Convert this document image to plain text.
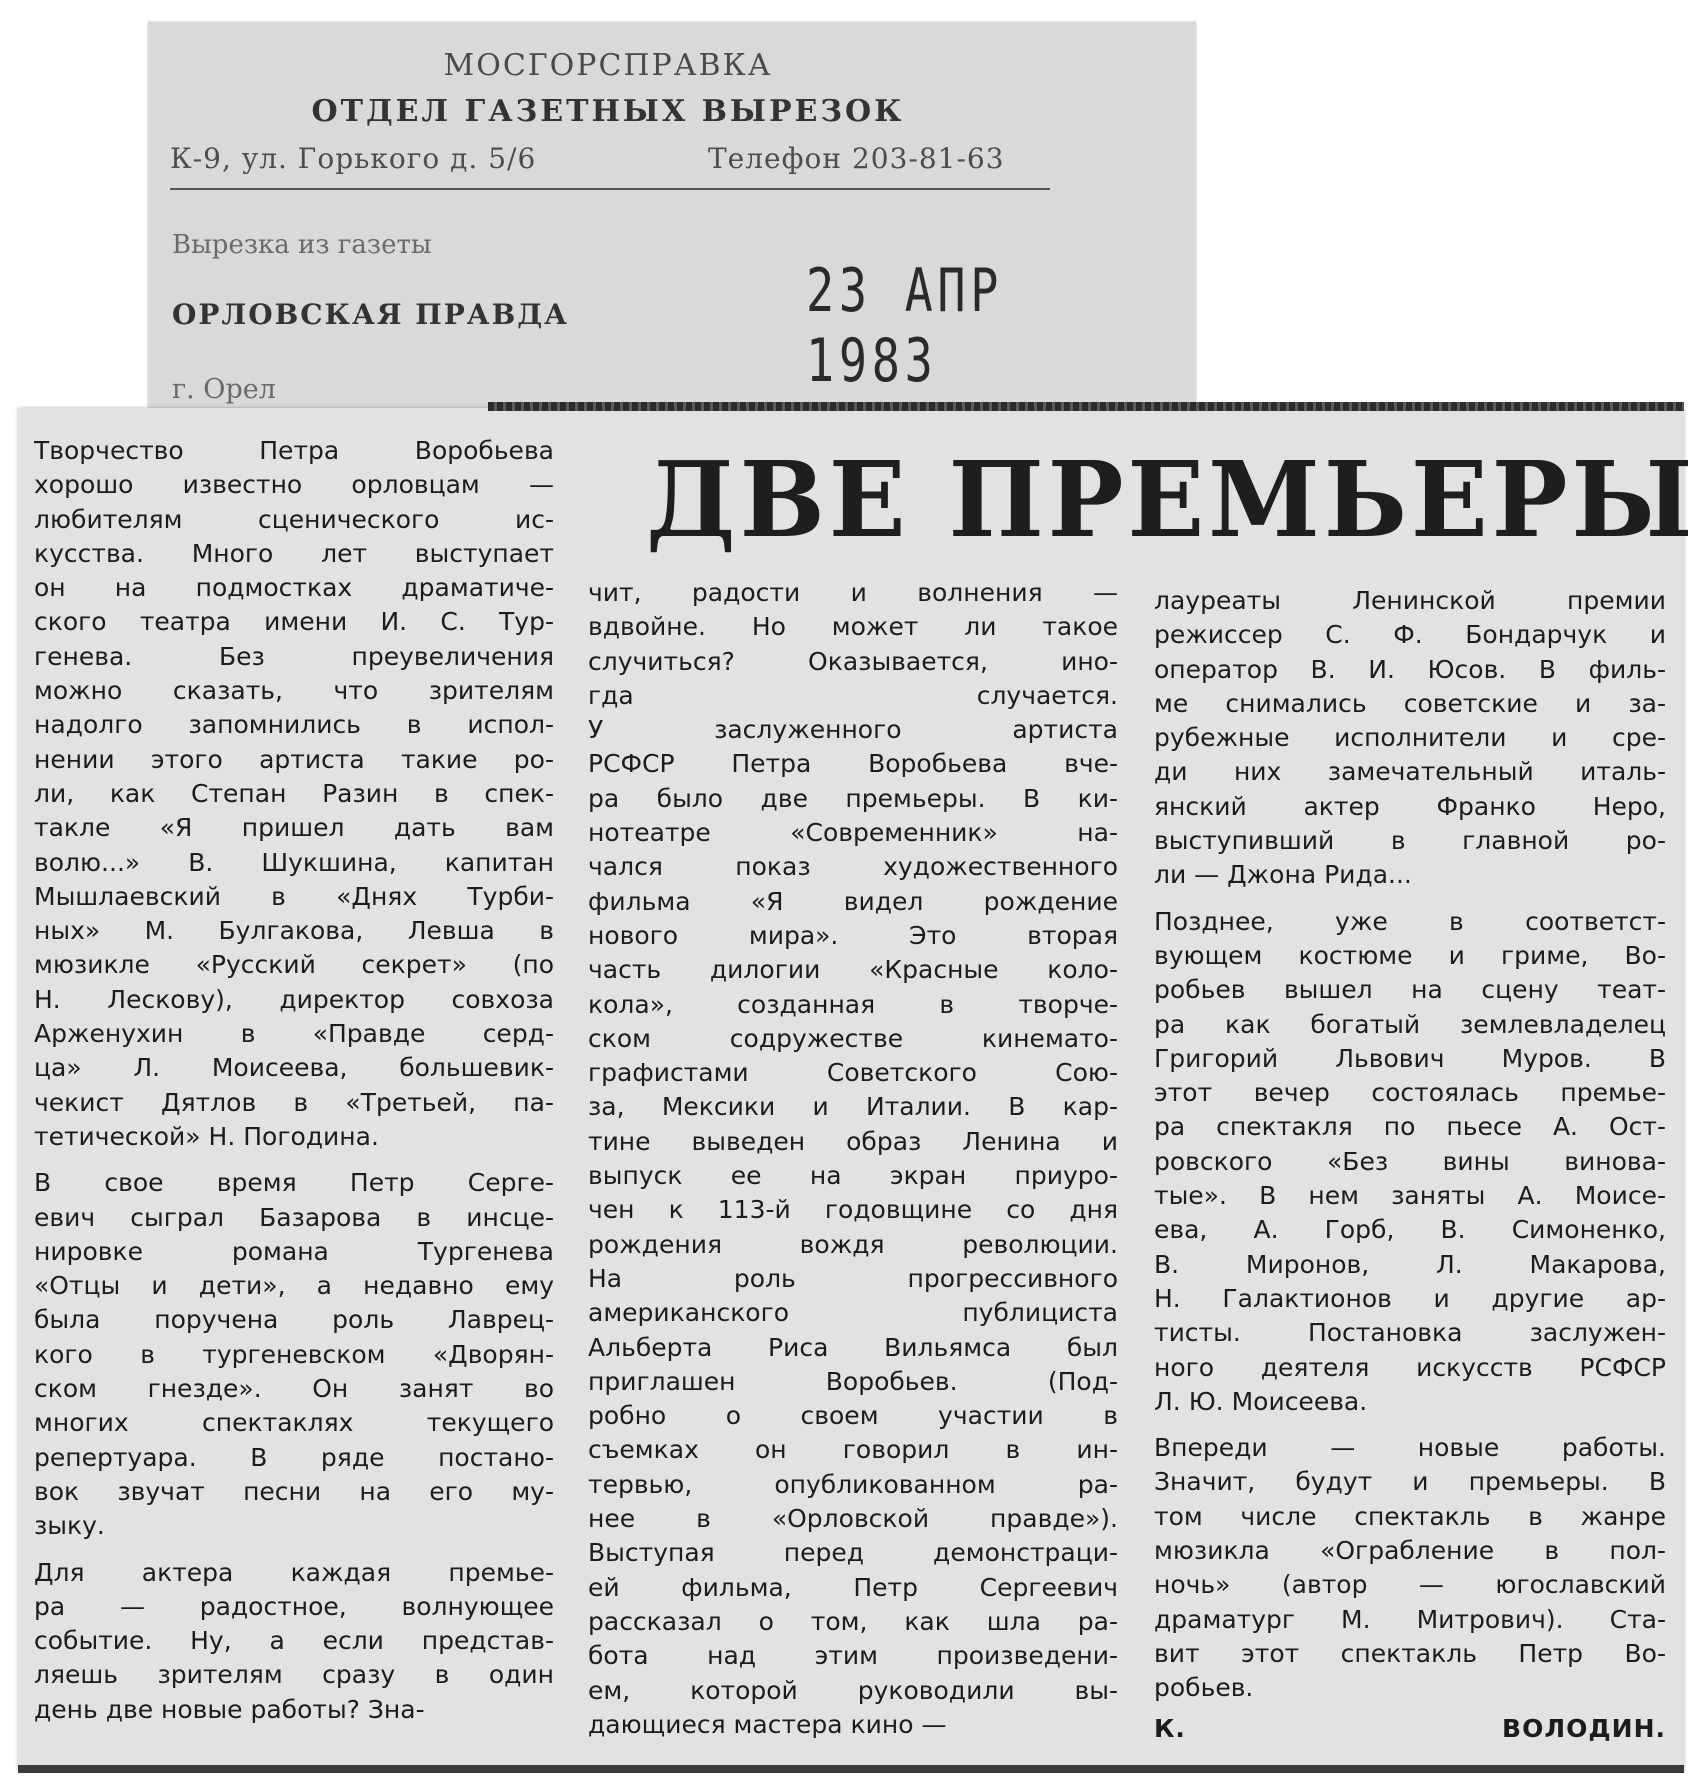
МОСГОРСПРАВКА
ОТДЕЛ ГАЗЕТНЫХ ВЫРЕЗОК
К-9, ул. Горького д. 5/6	Телефон 203-81-63
Вырезка из газеты
ОРЛОВСКАЯ ПРАВДА
г. Орел
23 АПР 1983
ДВЕ ПРЕМЬЕРЫ
Творчество Петра Воробьева
хорошо известно орловцам —
любителям сценического ис-
кусства. Много лет выступает
он на подмостках драматиче-
ского театра имени И. С. Тур-
генева. Без преувеличения
можно сказать, что зрителям
надолго запомнились в испол-
нении этого артиста такие ро-
ли, как Степан Разин в спек-
такле «Я пришел дать вам
волю...» В. Шукшина, капитан
Мышлаевский в «Днях Турби-
ных» М. Булгакова, Левша в
мюзикле «Русский секрет» (по
Н. Лескову), директор совхоза
Арженухин в «Правде серд-
ца» Л. Моисеева, большевик-
чекист Дятлов в «Третьей, па-
тетической» Н. Погодина.
В свое время Петр Серге-
евич сыграл Базарова в инсце-
нировке романа Тургенева
«Отцы и дети», а недавно ему
была поручена роль Лаврец-
кого в тургеневском «Дворян-
ском гнезде». Он занят во
многих спектаклях текущего
репертуара. В ряде постано-
вок звучат песни на его му-
зыку.
Для актера каждая премье-
ра — радостное, волнующее
событие. Ну, а если представ-
ляешь зрителям сразу в один
день две новые работы? Зна-
чит, радости и волнения —
вдвойне. Но может ли такое
случиться? Оказывается, ино-
гда случается.
У заслуженного артиста
РСФСР Петра Воробьева вче-
ра было две премьеры. В ки-
нотеатре «Современник» на-
чался показ художественного
фильма «Я видел рождение
нового мира». Это вторая
часть дилогии «Красные коло-
кола», созданная в творче-
ском содружестве кинемато-
графистами Советского Сою-
за, Мексики и Италии. В кар-
тине выведен образ Ленина и
выпуск ее на экран приуро-
чен к 113-й годовщине со дня
рождения вождя революции.
На роль прогрессивного
американского публициста
Альберта Риса Вильямса был
приглашен Воробьев. (Под-
робно о своем участии в
съемках он говорил в ин-
тервью, опубликованном ра-
нее в «Орловской правде»).
Выступая перед демонстраци-
ей фильма, Петр Сергеевич
рассказал о том, как шла ра-
бота над этим произведени-
ем, которой руководили вы-
дающиеся мастера кино —
лауреаты Ленинской премии
режиссер С. Ф. Бондарчук и
оператор В. И. Юсов. В филь-
ме снимались советские и за-
рубежные исполнители и сре-
ди них замечательный италь-
янский актер Франко Неро,
выступивший в главной ро-
ли — Джона Рида...
Позднее, уже в соответст-
вующем костюме и гриме, Во-
робьев вышел на сцену теат-
ра как богатый землевладелец
Григорий Львович Муров. В
этот вечер состоялась премье-
ра спектакля по пьесе А. Ост-
ровского «Без вины винова-
тые». В нем заняты А. Моисе-
ева, А. Горб, В. Симоненко,
В. Миронов, Л. Макарова,
Н. Галактионов и другие ар-
тисты. Постановка заслужен-
ного деятеля искусств РСФСР
Л. Ю. Моисеева.
Впереди — новые работы.
Значит, будут и премьеры. В
том числе спектакль в жанре
мюзикла «Ограбление в пол-
ночь» (автор — югославский
драматург М. Митрович). Ста-
вит этот спектакль Петр Во-
робьев.
К. ВОЛОДИН.
